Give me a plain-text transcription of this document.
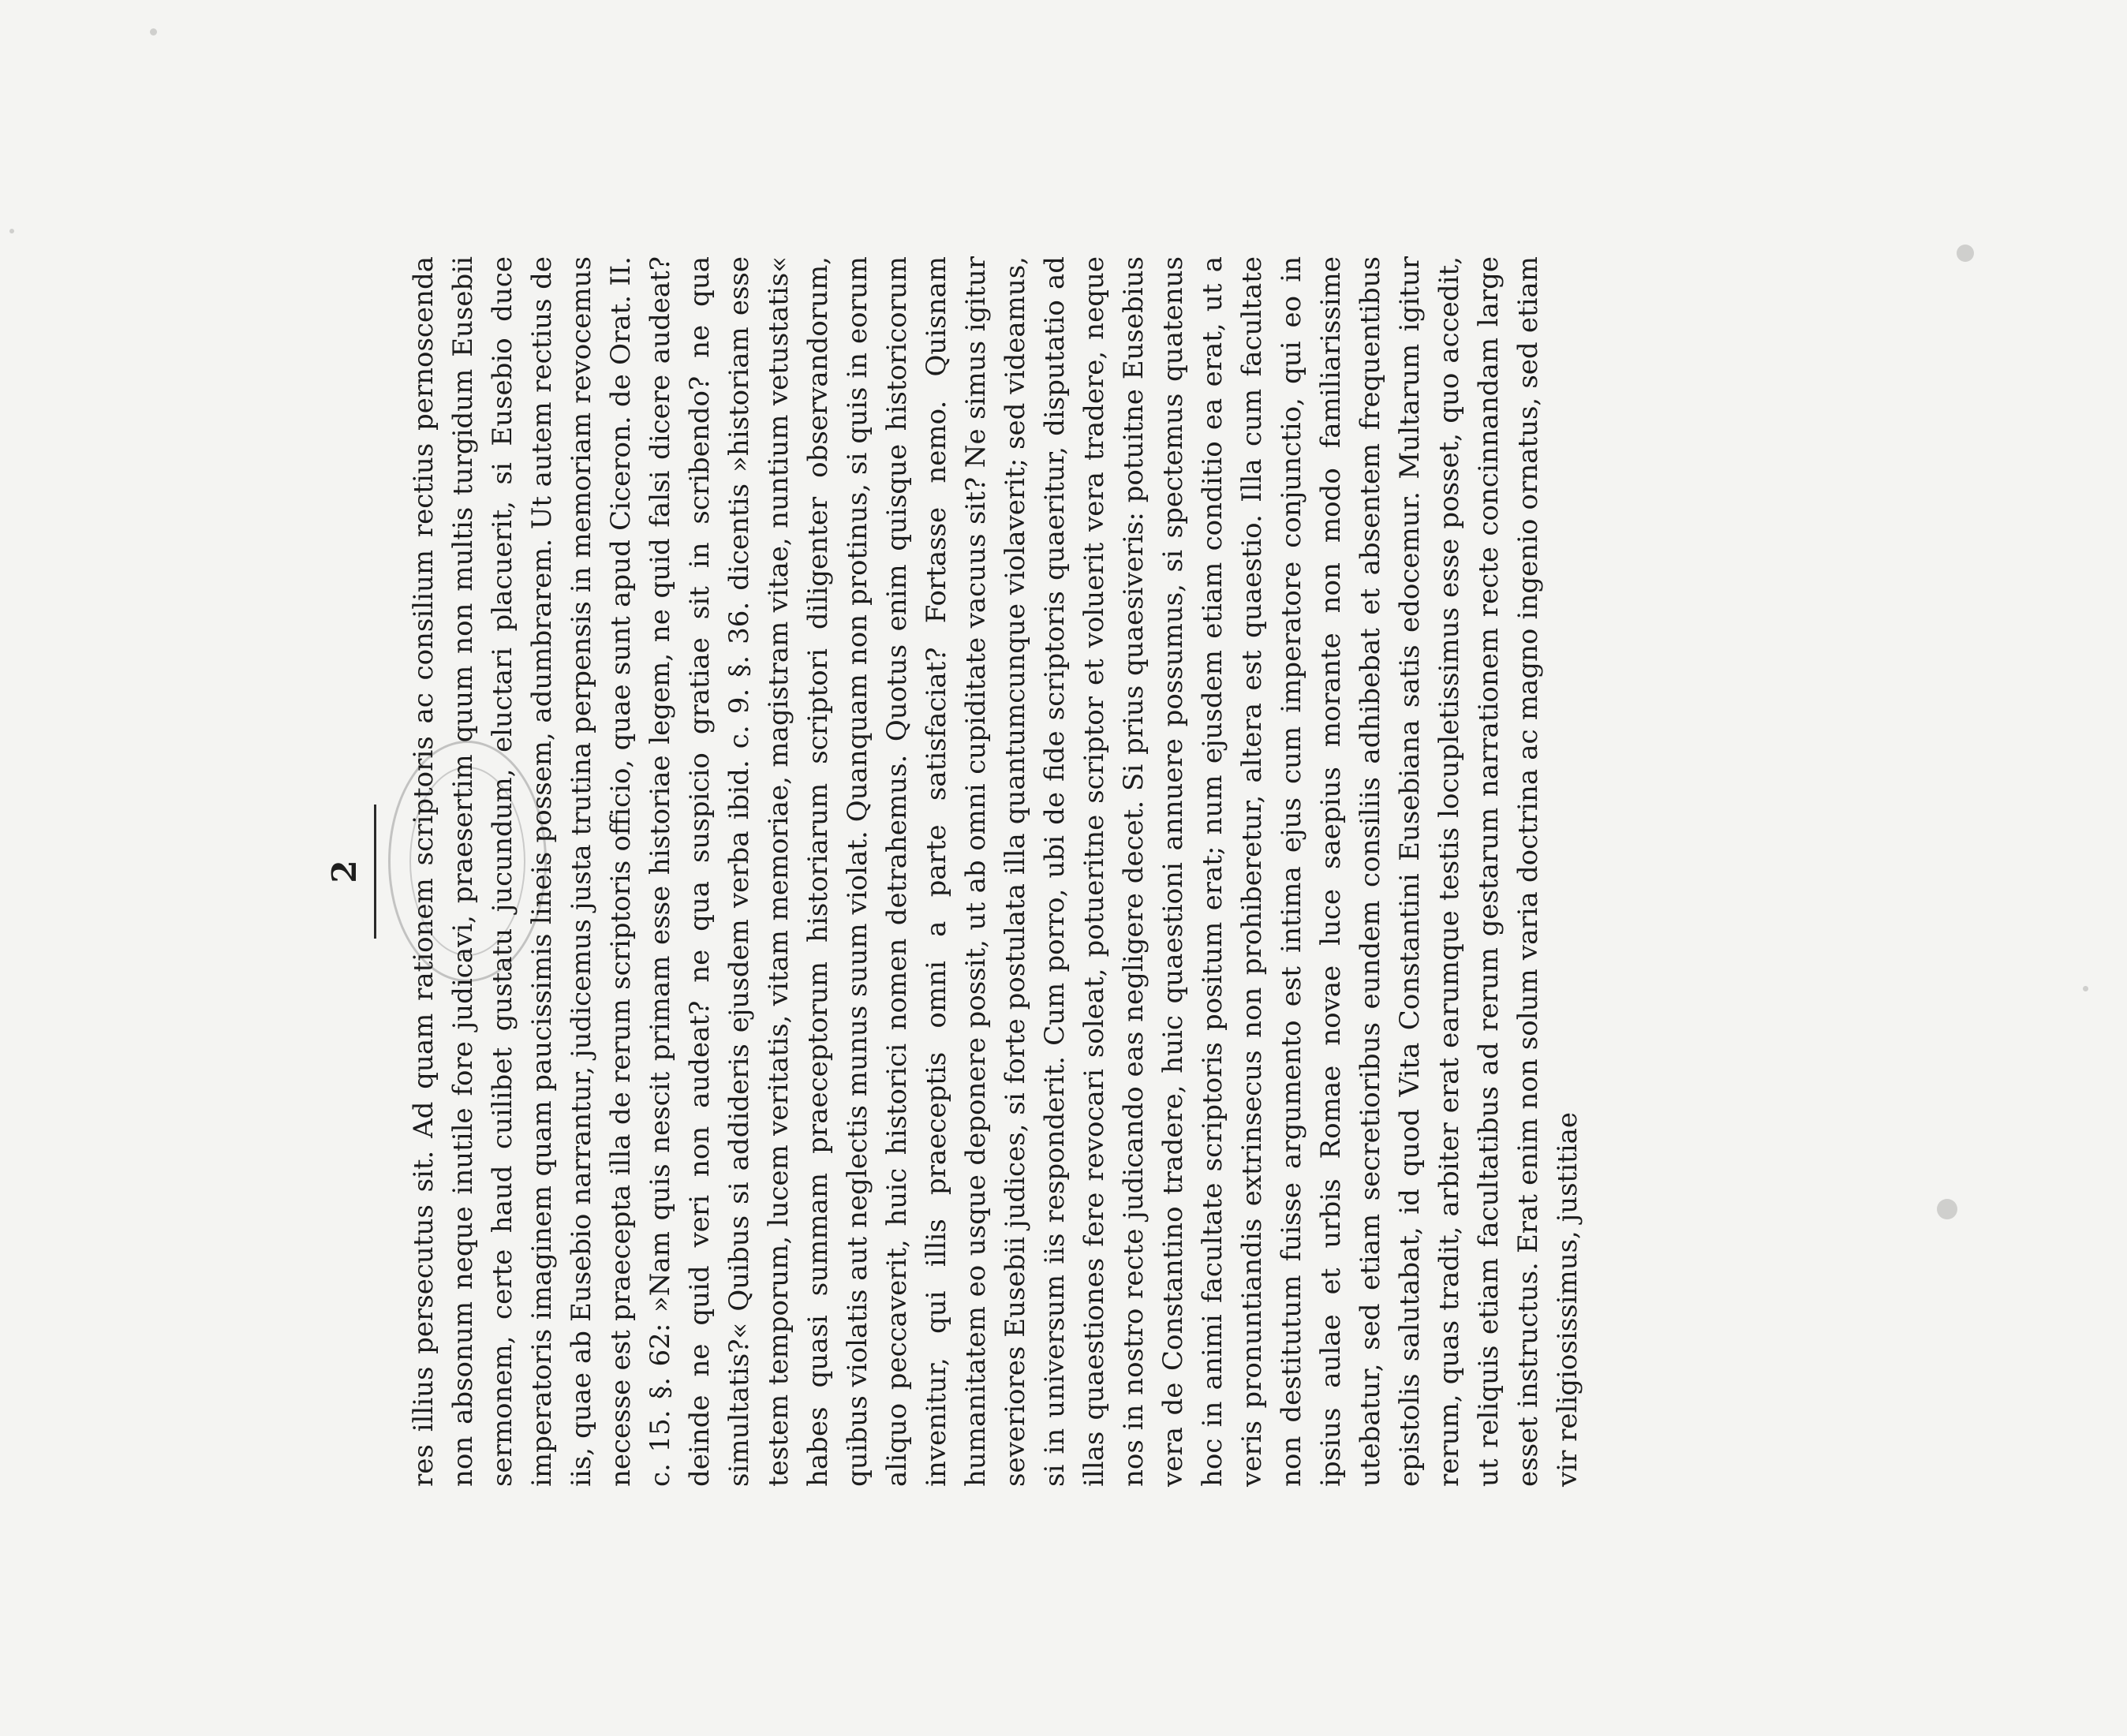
2 res illius persecutus sit. Ad quam rationem scriptoris ac consilium rectius pernoscenda non absonum neque inutile fore judicavi, praesertim quum non multis turgidum Eusebii sermonem, certe haud cuilibet gustatu jucundum, eluctari placuerit, si Eusebio duce imperatoris imaginem quam paucissimis lineis possem, adumbrarem. Ut autem rectius de iis, quae ab Eusebio narrantur, judicemus justa trutina perpensis in memoriam revocemus necesse est praecepta illa de rerum scriptoris officio, quae sunt apud Ciceron. de Orat. II. c. 15. §. 62: »Nam quis nescit primam esse historiae legem, ne quid falsi dicere audeat? deinde ne quid veri non audeat? ne qua suspicio gratiae sit in scribendo? ne qua simultatis?« Quibus si addideris ejusdem verba ibid. c. 9. §. 36. dicentis »historiam esse testem temporum, lucem veritatis, vitam memoriae, magistram vitae, nuntium vetustatis« habes quasi summam praeceptorum historiarum scriptori diligenter observandorum, quibus violatis aut neglectis munus suum violat. Quanquam non protinus, si quis in eorum aliquo peccaverit, huic historici nomen detrahemus. Quotus enim quisque historicorum invenitur, qui illis praeceptis omni a parte satisfaciat? Fortasse nemo. Quisnam humanitatem eo usque deponere possit, ut ab omni cupiditate vacuus sit? Ne simus igitur severiores Eusebii judices, si forte postulata illa quantumcunque violaverit; sed videamus, si in universum iis responderit. Cum porro, ubi de fide scriptoris quaeritur, disputatio ad illas quaestiones fere revocari soleat, potueritne scriptor et voluerit vera tradere, neque nos in nostro recte judicando eas negligere decet. Si prius quaesiveris: potuitne Eusebius vera de Constantino tradere, huic quaestioni annuere possumus, si spectemus quatenus hoc in animi facultate scriptoris positum erat; num ejusdem etiam conditio ea erat, ut a veris pronuntiandis extrinsecus non prohiberetur, altera est quaestio. Illa cum facultate non destitutum fuisse argumento est intima ejus cum imperatore conjunctio, qui eo in ipsius aulae et urbis Romae novae luce saepius morante non modo familiarissime utebatur, sed etiam secretioribus eundem consiliis adhibebat et absentem frequentibus epistolis salutabat, id quod Vita Constantini Eusebiana satis edocemur. Multarum igitur rerum, quas tradit, arbiter erat earumque testis locupletissimus esse posset, quo accedit, ut reliquis etiam facultatibus ad rerum gestarum narrationem recte concinnandam large esset instructus. Erat enim non solum varia doctrina ac magno ingenio ornatus, sed etiam vir religiosissimus, justitiae
